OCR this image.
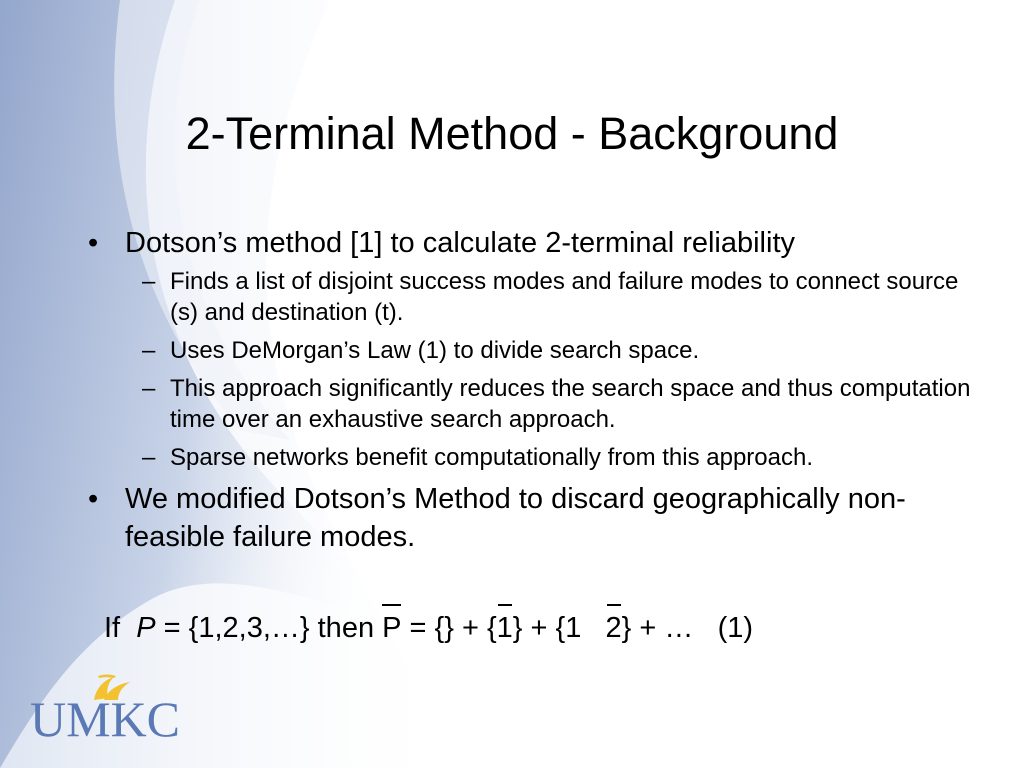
2-Terminal Method - Background
• Dotson’s method [1] to calculate 2-terminal reliability
– Finds a list of disjoint success modes and failure modes to connect source (s) and destination (t).
– Uses DeMorgan’s Law (1) to divide search space.
– This approach significantly reduces the search space and thus computation time over an exhaustive search approach.
– Sparse networks benefit computationally from this approach.
• We modified Dotson’s Method to discard geographically non-feasible failure modes.
If P = {1,2,3,…} then P = {} + {1} + {1   2} + …   (1)
UMKC
